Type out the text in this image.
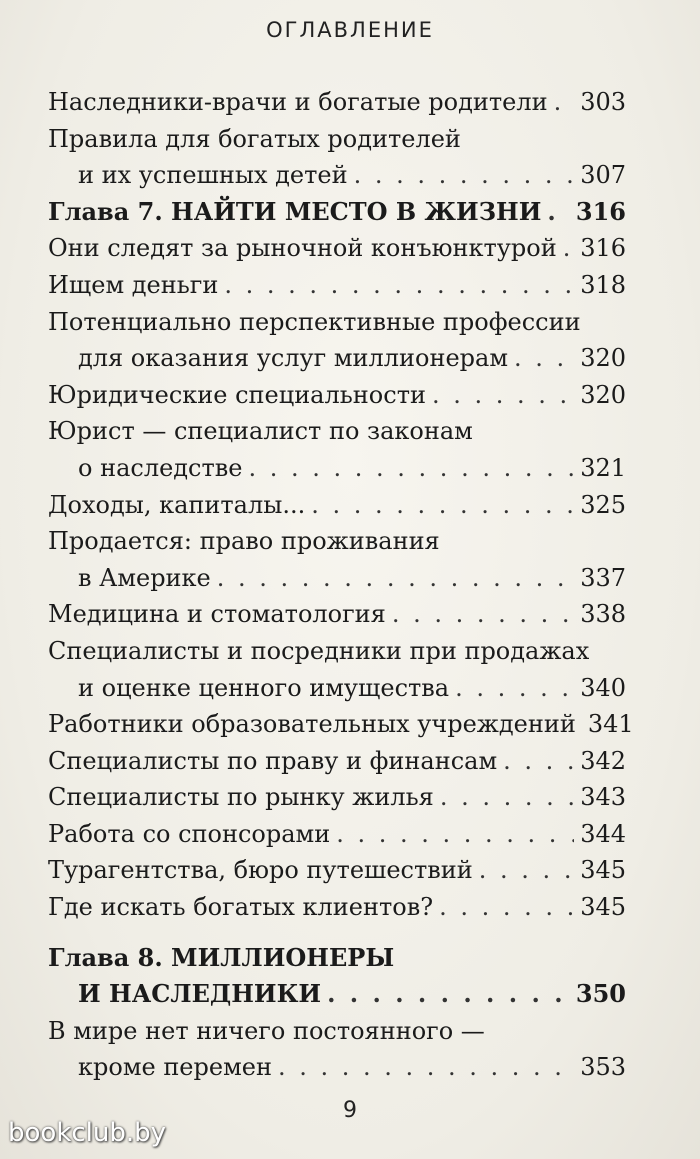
ОГЛАВЛЕНИЕ
Наследники-врачи и богатые родители . . . 303
Правила для богатых родителей
и их успешных детей . . .	307
Глава 7. НАЙТИ МЕСТО В ЖИЗНИ . . . 316
Они следят за рыночной конъюнктурой . . . 316
Ищем деньги . . .	318
Потенциально перспективные профессии
для оказания услуг миллионерам . . .	320
Юридические специальности . . .	320
Юрист — специалист по законам
о наследстве . . .	321
Доходы, капиталы... . . .	325
Продается: право проживания
в Америке . . .	337
Медицина и стоматология . . .	338
Специалисты и посредники при продажах
и оценке ценного имущества . . .	340
Работники образовательных учреждений 341
Специалисты по праву и финансам . . .	342
Специалисты по рынку жилья . . .	343
Работа со спонсорами . . .	344
Турагентства, бюро путешествий . . .	345
Где искать богатых клиентов? . . .	345
Глава 8. МИЛЛИОНЕРЫ
И НАСЛЕДНИКИ . . .	350
В мире нет ничего постоянного —
кроме перемен . . .	353
9
bookclub.by
